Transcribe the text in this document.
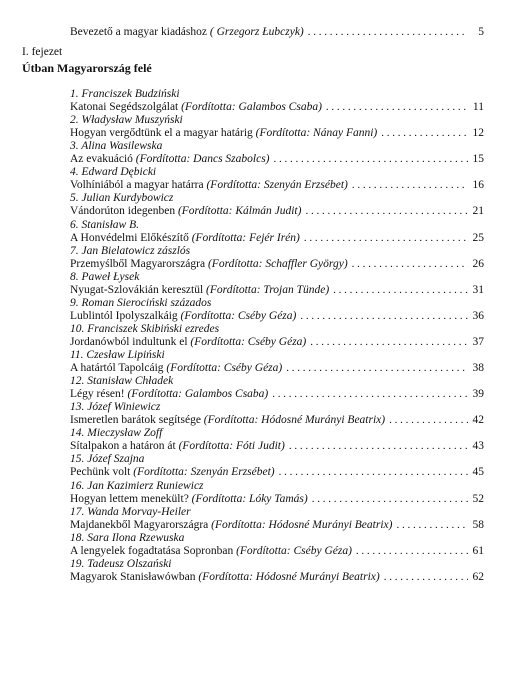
Bevezető a magyar kiadáshoz ( Grzegorz Łubczyk) . . .	5
I. fejezet
Útban Magyarország felé
1. Franciszek Budziński
Katonai Segédszolgálat (Fordította: Galambos Csaba) . . .	11
2. Władysław Muszyński
Hogyan vergődtünk el a magyar határig (Fordította: Nánay Fanni) . . .	12
3. Alina Wasilewska
Az evakuáció (Fordította: Dancs Szabolcs) . . .	15
4. Edward Dębicki
Volhíniából a magyar határra (Fordította: Szenyán Erzsébet) . . .	16
5. Julian Kurdybowicz
Vándorúton idegenben (Fordította: Kálmán Judit) . . .	21
6. Stanisław B.
A Honvédelmi Előkészítő (Fordította: Fejér Irén) . . .	25
7. Jan Bielatowicz zászlós
Przemyślből Magyarországra (Fordította: Schaffler György) . . .	26
8. Paweł Łysek
Nyugat-Szlovákián keresztül (Fordította: Trojan Tünde) . . .	31
9. Roman Sierociński százados
Lublintól Ipolyszalkáig (Fordította: Cséby Géza) . . .	36
10. Franciszek Skibiński ezredes
Jordanówból indultunk el (Fordította: Cséby Géza) . . .	37
11. Czesław Lipiński
A határtól Tapolcáig (Fordította: Cséby Géza) . . .	38
12. Stanisław Chładek
Légy résen! (Fordította: Galambos Csaba) . . .	39
13. Józef Winiewicz
Ismeretlen barátok segítsége (Fordította: Hódosné Murányi Beatrix) . . .	42
14. Mieczysław Zoff
Sítalpakon a határon át (Fordította: Fóti Judit) . . .	43
15. Józef Szajna
Pechünk volt (Fordította: Szenyán Erzsébet) . . .	45
16. Jan Kazimierz Runiewicz
Hogyan lettem menekült? (Fordította: Lóky Tamás) . . .	52
17. Wanda Morvay-Heiler
Majdanekből Magyarországra (Fordította: Hódosné Murányi Beatrix) . . .	58
18. Sara Ilona Rzewuska
A lengyelek fogadtatása Sopronban (Fordította: Cséby Géza) . . .	61
19. Tadeusz Olszański
Magyarok Stanisławówban (Fordította: Hódosné Murányi Beatrix) . . .	62
